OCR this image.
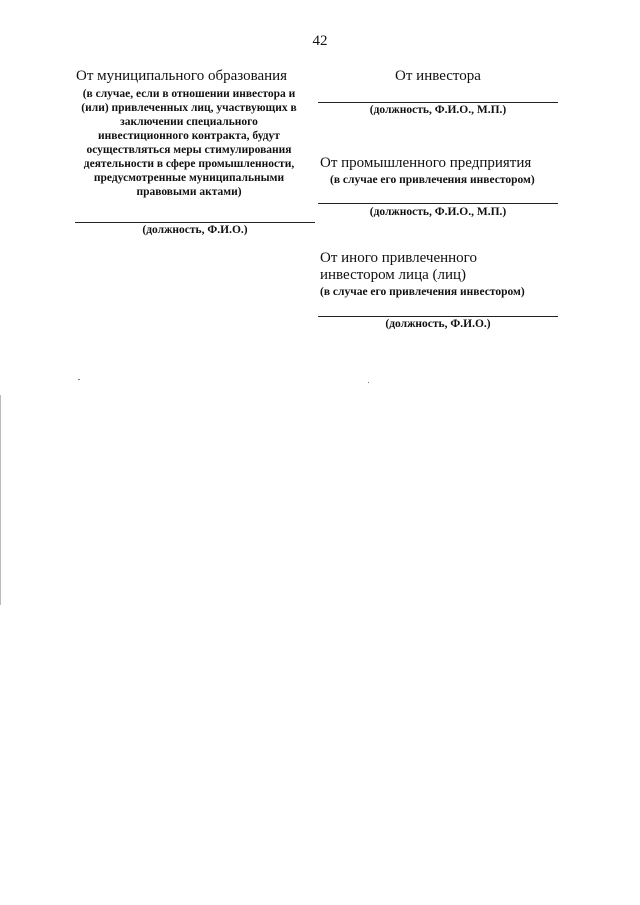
42
От муниципального образования
(в случае, если в отношении инвестора и
(или) привлеченных лиц, участвующих в
заключении специального
инвестиционного контракта, будут
осуществляться меры стимулирования
деятельности в сфере промышленности,
предусмотренные муниципальными
правовыми актами)
(должность, Ф.И.О.)
От инвестора
(должность, Ф.И.О., М.П.)
От промышленного предприятия
(в случае его привлечения инвестором)
(должность, Ф.И.О., М.П.)
От иного привлеченного
инвестором лица (лиц)
(в случае его привлечения инвестором)
(должность, Ф.И.О.)
